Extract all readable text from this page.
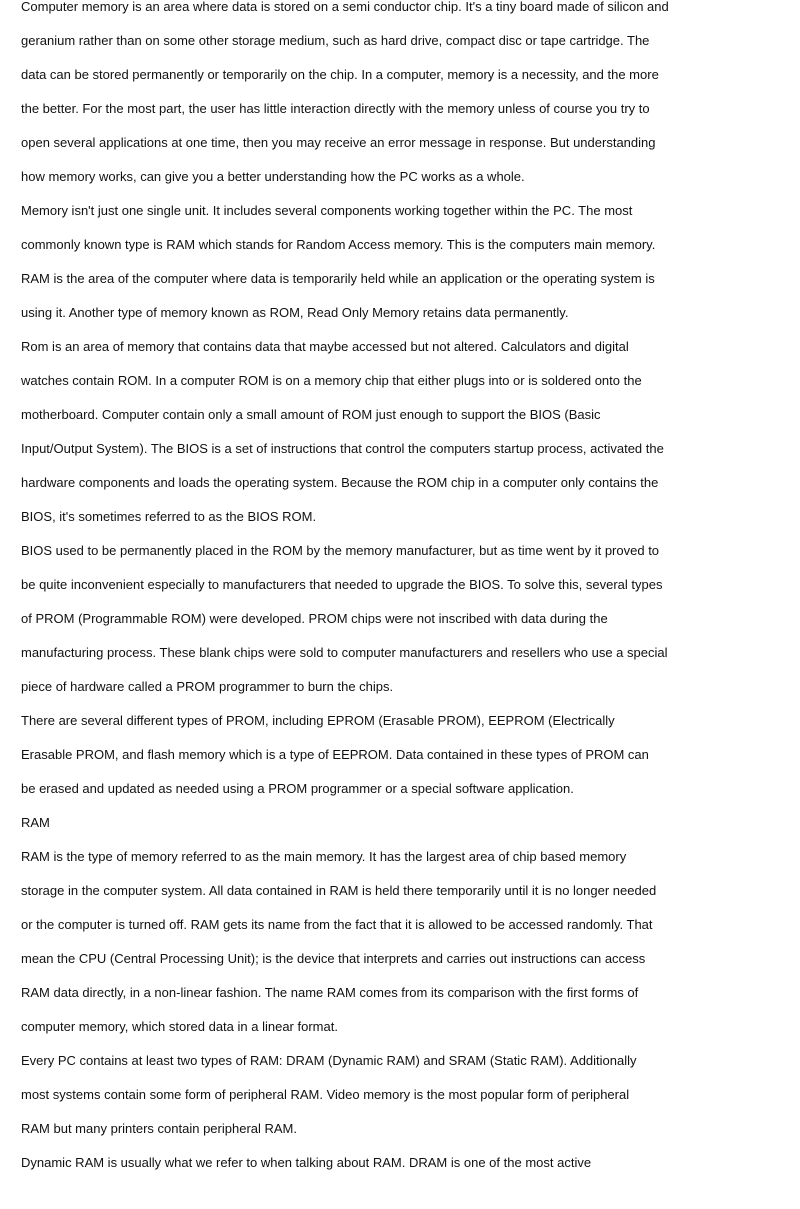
Computer memory is an area where data is stored on a semi conductor chip. It's a tiny board made of silicon and
geranium rather than on some other storage medium, such as hard drive, compact disc or tape cartridge. The
data can be stored permanently or temporarily on the chip. In a computer, memory is a necessity, and the more
the better. For the most part, the user has little interaction directly with the memory unless of course you try to
open several applications at one time, then you may receive an error message in response. But understanding
how memory works, can give you a better understanding how the PC works as a whole.
Memory isn't just one single unit. It includes several components working together within the PC. The most
commonly known type is RAM which stands for Random Access memory. This is the computers main memory.
RAM is the area of the computer where data is temporarily held while an application or the operating system is
using it. Another type of memory known as ROM, Read Only Memory retains data permanently.
Rom is an area of memory that contains data that maybe accessed but not altered. Calculators and digital
watches contain ROM. In a computer ROM is on a memory chip that either plugs into or is soldered onto the
motherboard. Computer contain only a small amount of ROM just enough to support the BIOS (Basic
Input/Output System). The BIOS is a set of instructions that control the computers startup process, activated the
hardware components and loads the operating system. Because the ROM chip in a computer only contains the
BIOS, it's sometimes referred to as the BIOS ROM.
BIOS used to be permanently placed in the ROM by the memory manufacturer, but as time went by it proved to
be quite inconvenient especially to manufacturers that needed to upgrade the BIOS. To solve this, several types
of PROM (Programmable ROM) were developed. PROM chips were not inscribed with data during the
manufacturing process. These blank chips were sold to computer manufacturers and resellers who use a special
piece of hardware called a PROM programmer to burn the chips.
There are several different types of PROM, including EPROM (Erasable PROM), EEPROM (Electrically
Erasable PROM, and flash memory which is a type of EEPROM. Data contained in these types of PROM can
be erased and updated as needed using a PROM programmer or a special software application.
RAM
RAM is the type of memory referred to as the main memory. It has the largest area of chip based memory
storage in the computer system. All data contained in RAM is held there temporarily until it is no longer needed
or the computer is turned off. RAM gets its name from the fact that it is allowed to be accessed randomly. That
mean the CPU (Central Processing Unit); is the device that interprets and carries out instructions can access
RAM data directly, in a non-linear fashion. The name RAM comes from its comparison with the first forms of
computer memory, which stored data in a linear format.
Every PC contains at least two types of RAM: DRAM (Dynamic RAM) and SRAM (Static RAM). Additionally
most systems contain some form of peripheral RAM. Video memory is the most popular form of peripheral
RAM but many printers contain peripheral RAM.
Dynamic RAM is usually what we refer to when talking about RAM. DRAM is one of the most active
